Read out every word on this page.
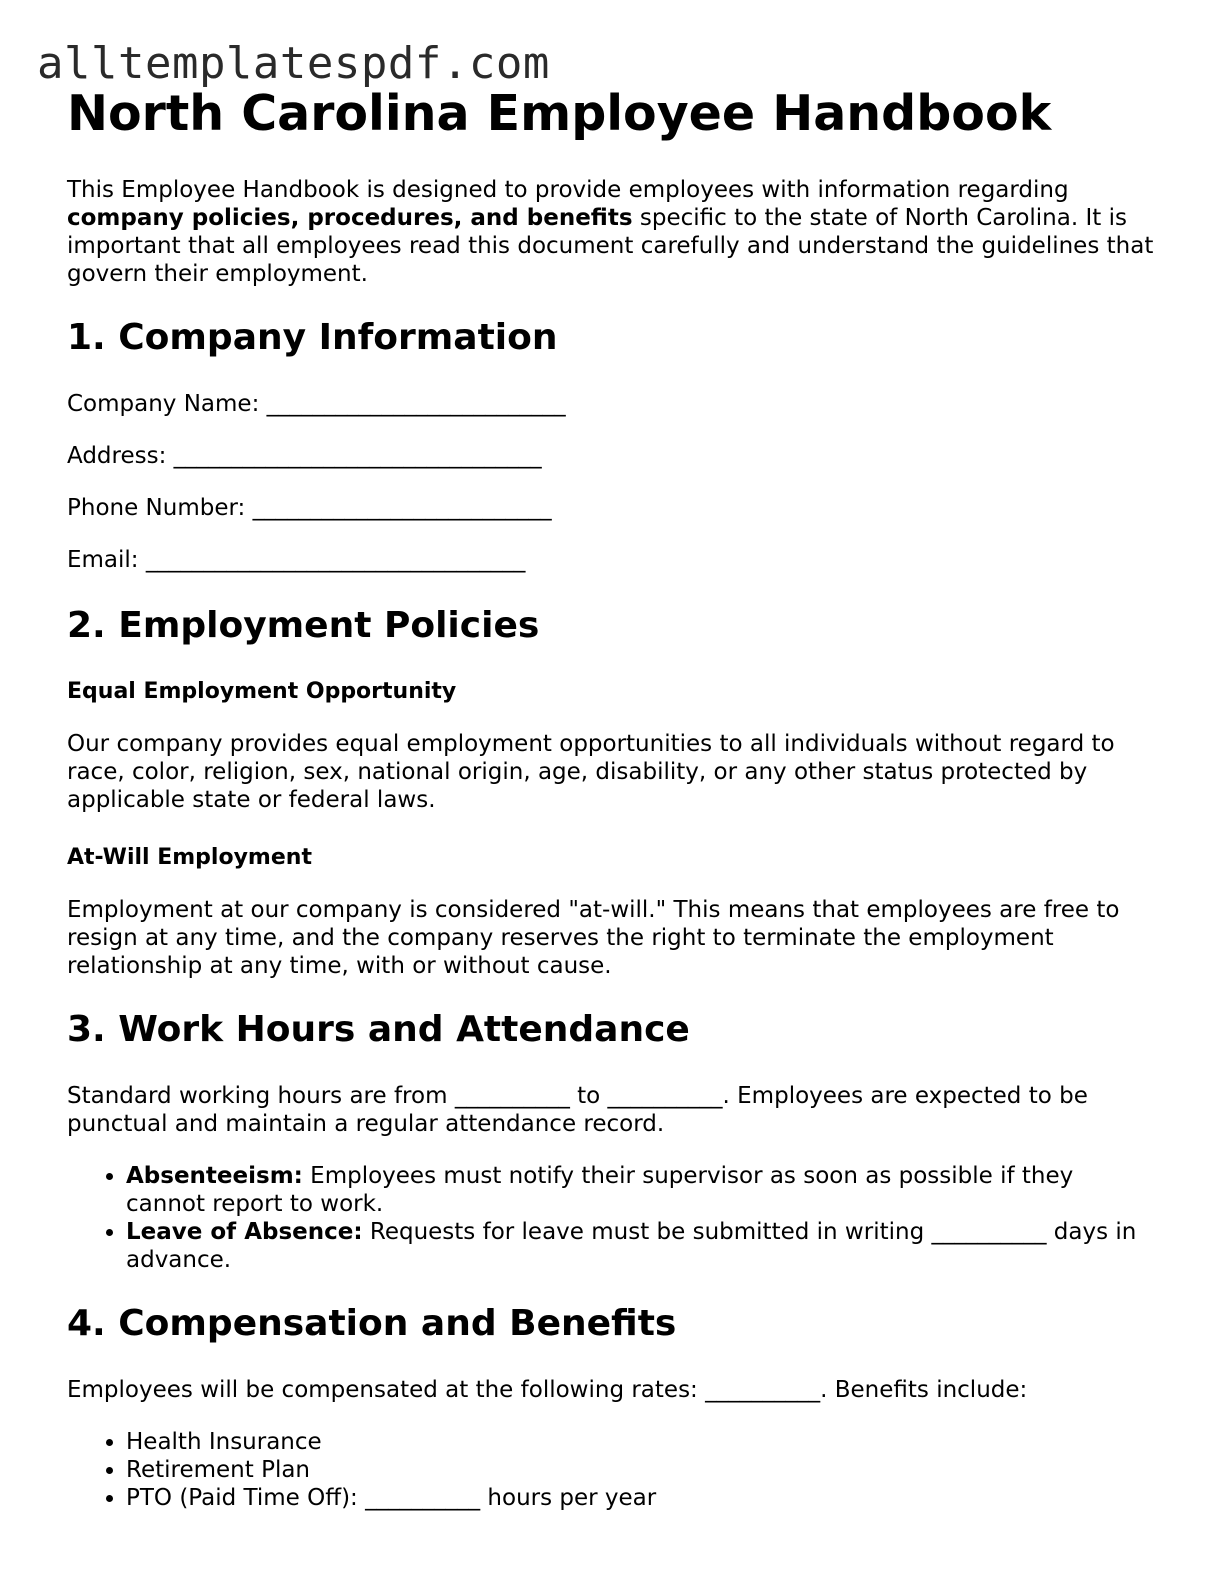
alltemplatespdf.com
North Carolina Employee Handbook

This Employee Handbook is designed to provide employees with information regarding company policies, procedures, and benefits specific to the state of North Carolina. It is important that all employees read this document carefully and understand the guidelines that govern their employment.

1. Company Information

Company Name: __________________________

Address: ________________________________

Phone Number: __________________________

Email: _________________________________

2. Employment Policies
Equal Employment Opportunity

Our company provides equal employment opportunities to all individuals without regard to race, color, religion, sex, national origin, age, disability, or any other status protected by applicable state or federal laws.

At-Will Employment

Employment at our company is considered "at-will." This means that employees are free to resign at any time, and the company reserves the right to terminate the employment relationship at any time, with or without cause.

3. Work Hours and Attendance

Standard working hours are from __________ to __________. Employees are expected to be punctual and maintain a regular attendance record.

• Absenteeism: Employees must notify their supervisor as soon as possible if they cannot report to work.
• Leave of Absence: Requests for leave must be submitted in writing __________ days in advance.
4. Compensation and Benefits

Employees will be compensated at the following rates: __________. Benefits include:

• Health Insurance
• Retirement Plan
• PTO (Paid Time Off): __________ hours per year
